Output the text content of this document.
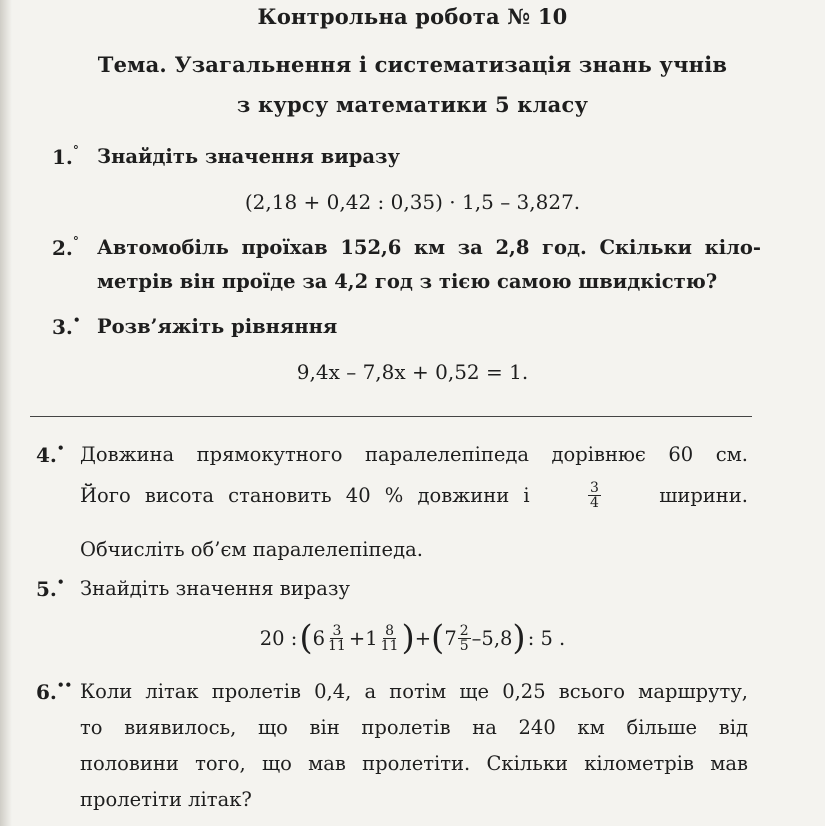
Контрольна робота № 10
Тема. Узагальнення і систематизація знань учнів
з курсу математики 5 класу
1.° Знайдіть значення виразу
(2,18 + 0,42 : 0,35) · 1,5 – 3,827.
2.° Автомобіль проїхав 152,6 км за 2,8 год. Скільки кіло-
метрів він проїде за 4,2 год з тією самою швидкістю?
3.• Розв’яжіть рівняння
9,4x – 7,8x + 0,52 = 1.
4.• Довжина прямокутного паралелепіпеда дорівнює 60 см.
Його висота становить 40 % довжини і	$\frac{3}{4}$	ширини.
Обчисліть об’єм паралелепіпеда.
5.• Знайдіть значення виразу
20 : ( $6 \frac{3}{11} + 1 \frac{8}{11}$ ) + ( $7 \frac{2}{5} - 5,8$ ) : 5 .
6.•• Коли літак пролетів 0,4, а потім ще 0,25 всього маршруту,
то виявилось, що він пролетів на 240 км більше від
половини того, що мав пролетіти. Скільки кілометрів мав
пролетіти літак?
